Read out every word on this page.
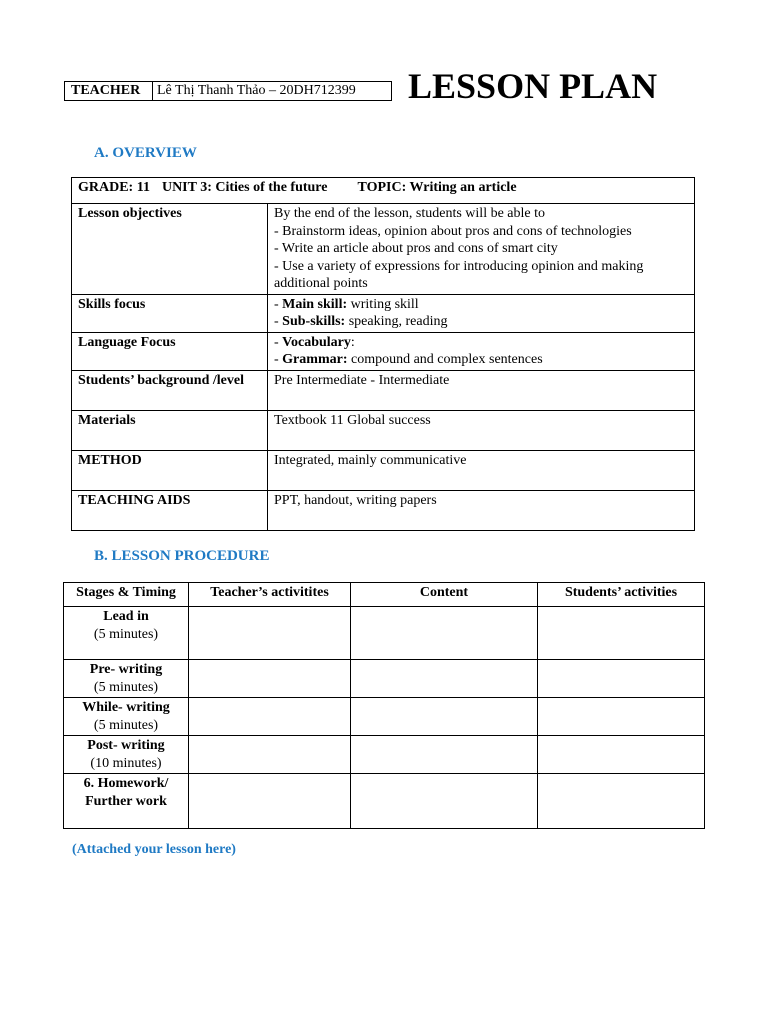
TEACHER	Lê Thị Thanh Thảo – 20DH712399 LESSON PLAN
A. OVERVIEW
GRADE: 11 UNIT 3: Cities of the future TOPIC: Writing an article	
Lesson objectives	By the end of the lesson, students will be able to
- Brainstorm ideas, opinion about pros and cons of technologies
- Write an article about pros and cons of smart city
- Use a variety of expressions for introducing opinion and making additional points

Skills focus	- Main skill: writing skill
- Sub-skills: speaking, reading

Language Focus	- Vocabulary:
- Grammar: compound and complex sentences

Students’ background /level	Pre Intermediate - Intermediate
Materials	Textbook 11 Global success
METHOD	Integrated, mainly communicative
TEACHING AIDS	PPT, handout, writing papers
B. LESSON PROCEDURE
Stages & Timing	Teacher’s activitites	Content	Students’ activities

Lead in
(5 minutes)			

Pre- writing
(5 minutes)			

While- writing
(5 minutes)			

Post- writing
(10 minutes)			

6. Homework/ Further work			

(Attached your lesson here)
